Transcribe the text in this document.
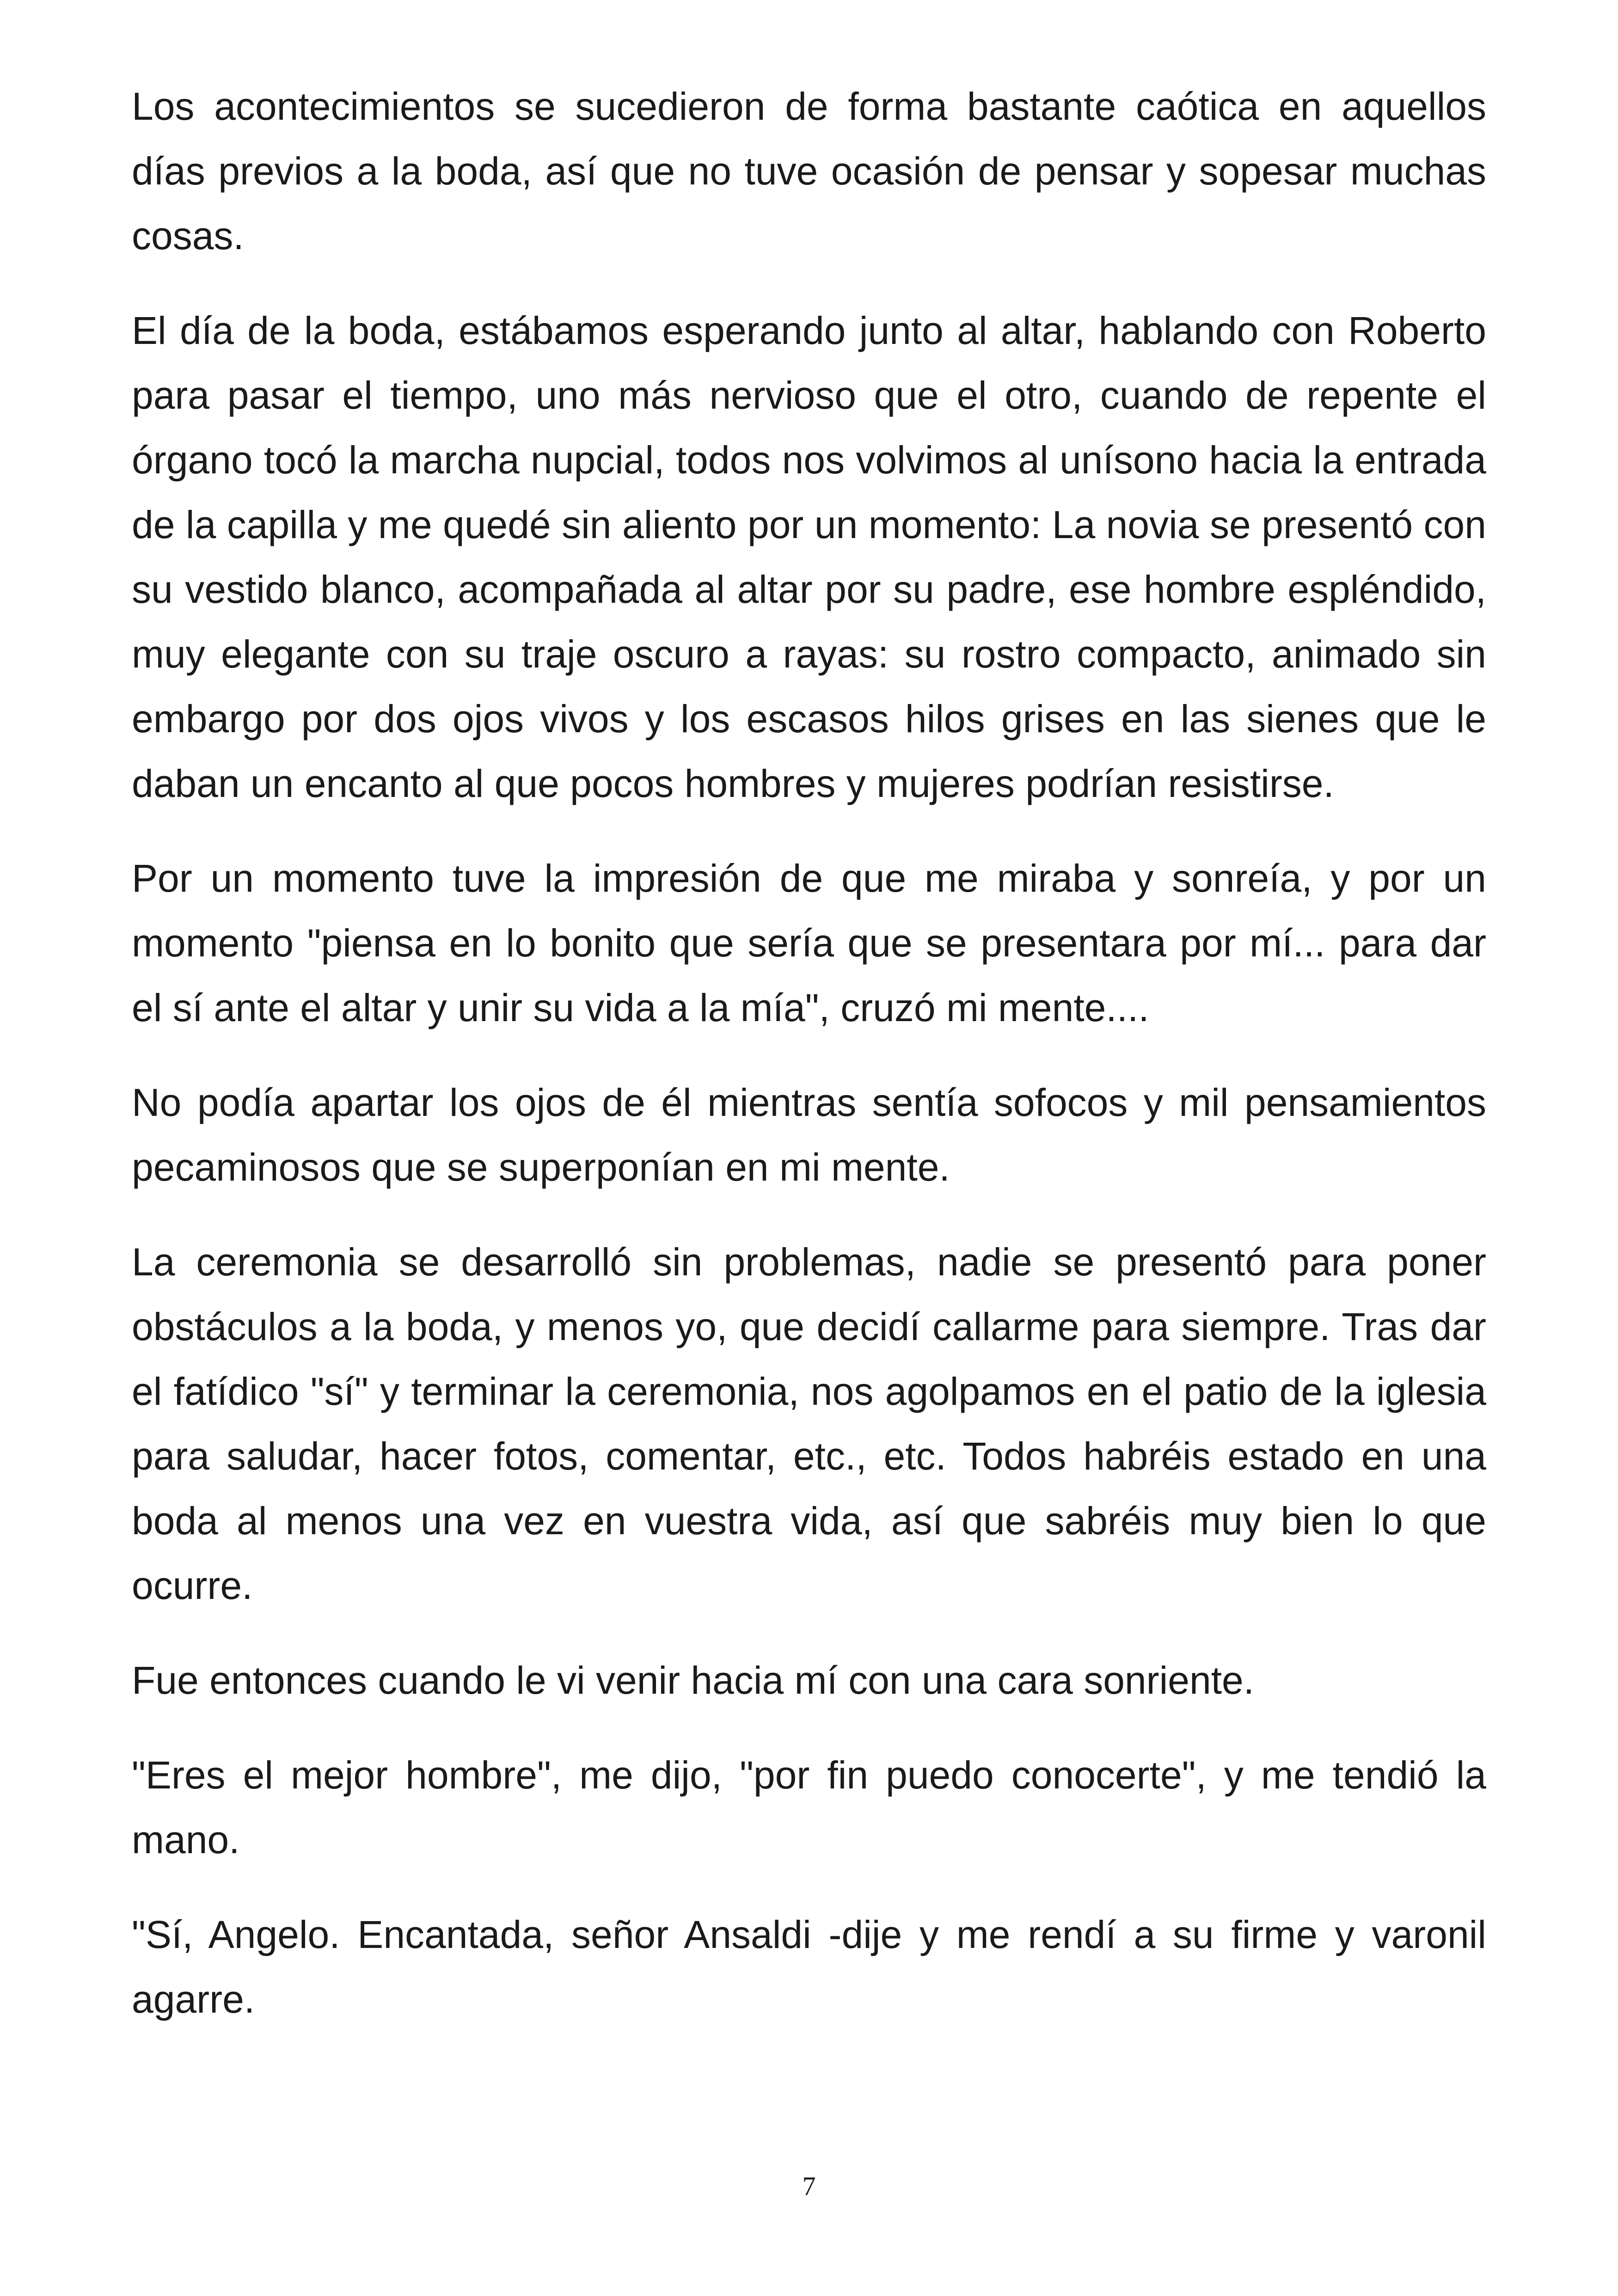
Los acontecimientos se sucedieron de forma bastante caótica en aquellos días previos a la boda, así que no tuve ocasión de pensar y sopesar muchas cosas.

El día de la boda, estábamos esperando junto al altar, hablando con Roberto para pasar el tiempo, uno más nervioso que el otro, cuando de repente el órgano tocó la marcha nupcial, todos nos volvimos al unísono hacia la entrada de la capilla y me quedé sin aliento por un momento: La novia se presentó con su vestido blanco, acompañada al altar por su padre, ese hombre espléndido, muy elegante con su traje oscuro a rayas: su rostro compacto, animado sin embargo por dos ojos vivos y los escasos hilos grises en las sienes que le daban un encanto al que pocos hombres y mujeres podrían resistirse.

Por un momento tuve la impresión de que me miraba y sonreía, y por un momento "piensa en lo bonito que sería que se presentara por mí... para dar el sí ante el altar y unir su vida a la mía", cruzó mi mente....

No podía apartar los ojos de él mientras sentía sofocos y mil pensamientos pecaminosos que se superponían en mi mente.

La ceremonia se desarrolló sin problemas, nadie se presentó para poner obstáculos a la boda, y menos yo, que decidí callarme para siempre. Tras dar el fatídico "sí" y terminar la ceremonia, nos agolpamos en el patio de la iglesia para saludar, hacer fotos, comentar, etc., etc. Todos habréis estado en una boda al menos una vez en vuestra vida, así que sabréis muy bien lo que ocurre.

Fue entonces cuando le vi venir hacia mí con una cara sonriente.

"Eres el mejor hombre", me dijo, "por fin puedo conocerte", y me tendió la mano.

"Sí, Angelo. Encantada, señor Ansaldi -dije y me rendí a su firme y varonil agarre.

7
